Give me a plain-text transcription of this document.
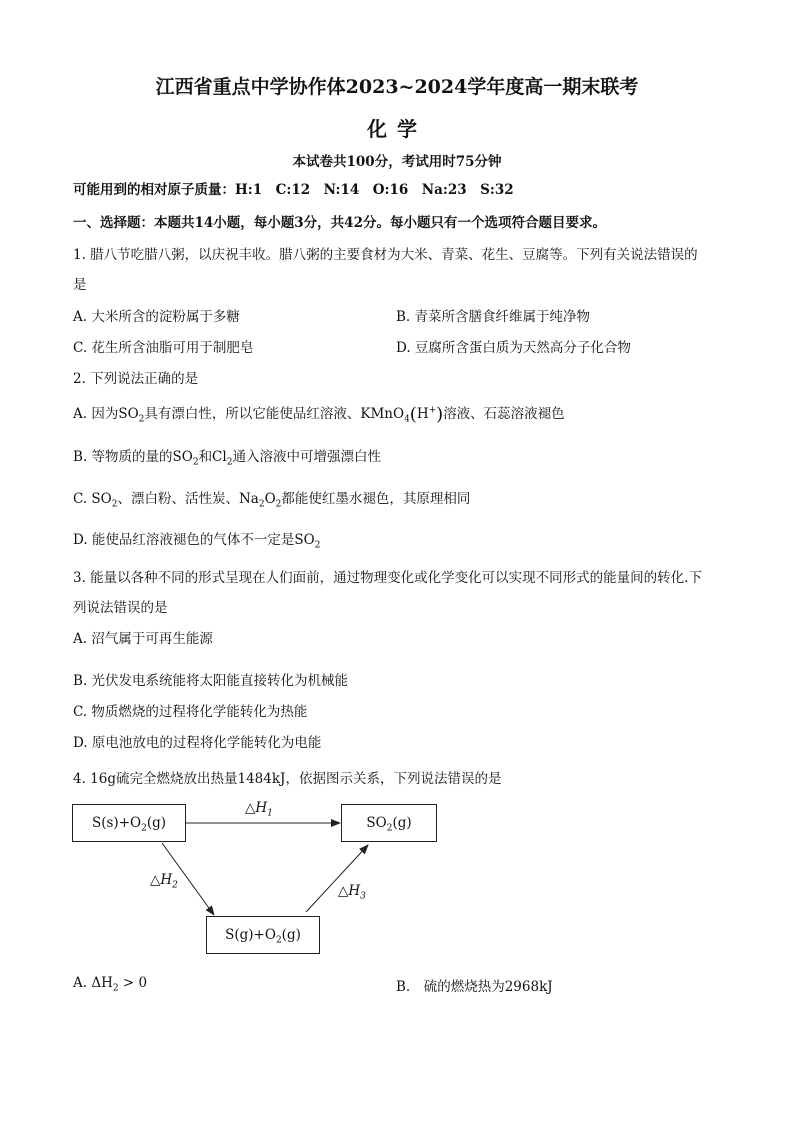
江西省重点中学协作体2023~2024学年度高一期末联考
化学
本试卷共100分，考试用时75分钟
可能用到的相对原子质量：H:1　C:12　N:14　O:16　Na:23　S:32
一、选择题：本题共14小题，每小题3分，共42分。每小题只有一个选项符合题目要求。
1. 腊八节吃腊八粥，以庆祝丰收。腊八粥的主要食材为大米、青菜、花生、豆腐等。下列有关说法错误的
是
A. 大米所含的淀粉属于多糖	B. 青菜所含膳食纤维属于纯净物
C. 花生所含油脂可用于制肥皂	D. 豆腐所含蛋白质为天然高分子化合物
2. 下列说法正确的是
A. 因为$SO_2$具有漂白性，所以它能使品红溶液、KMnO$_4$(H+)溶液、石蕊溶液褪色
B. 等物质的量的$SO_2$和$Cl_2$通入溶液中可增强漂白性
C. $SO_2$、漂白粉、活性炭、$Na_2O_2$都能使红墨水褪色，其原理相同
D. 能使品红溶液褪色的气体不一定是$SO_2$
3. 能量以各种不同的形式呈现在人们面前，通过物理变化或化学变化可以实现不同形式的能量间的转化.下
列说法错误的是
A. 沼气属于可再生能源
B. 光伏发电系统能将太阳能直接转化为机械能
C. 物质燃烧的过程将化学能转化为热能
D. 原电池放电的过程将化学能转化为电能
4. 16g硫完全燃烧放出热量1484kJ，依据图示关系，下列说法错误的是
$S(s)+O_2(g)$	$SO_2(g)$
$S(g)+O_2(g)$
$\triangle H_1$
$\triangle H_2$	$\triangle H_3$
A. $\Delta H_2 > 0$	B.　硫的燃烧热为2968kJ
